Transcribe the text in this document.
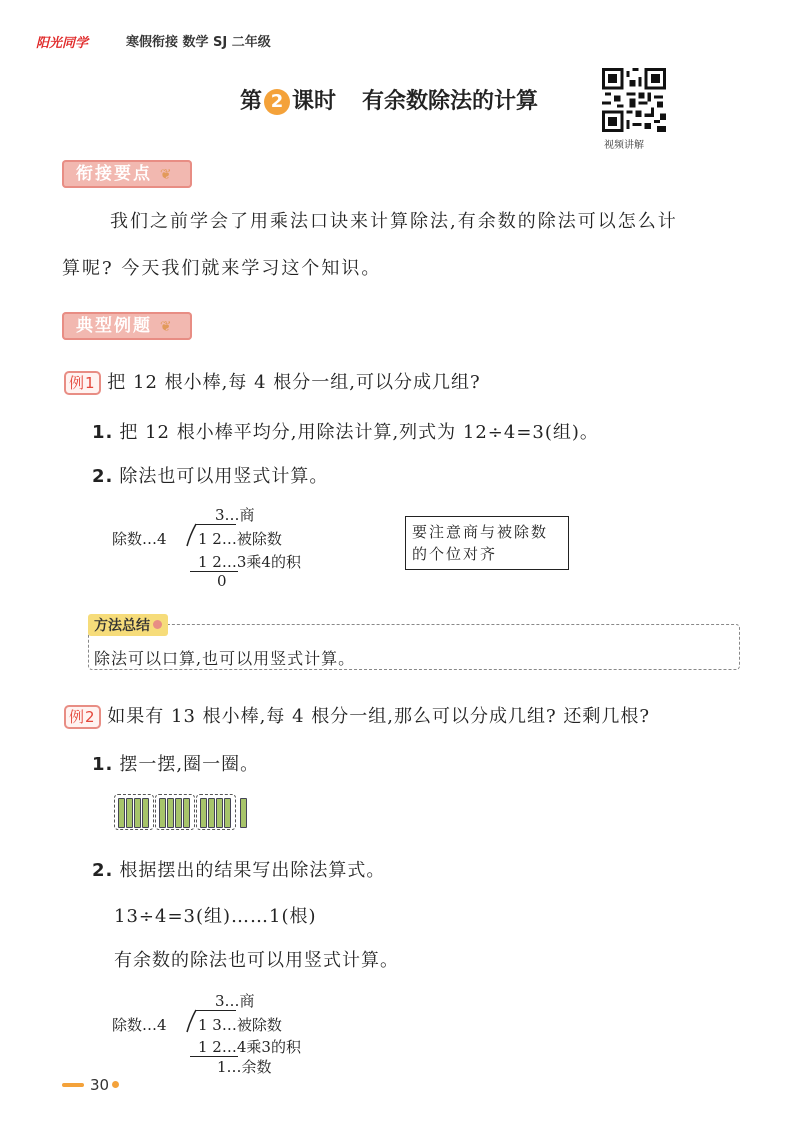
阳光同学	寒假衔接 数学 SJ 二年级
第 2 课时 有余数除法的计算
视频讲解
衔接要点 ❦
我们之前学会了用乘法口诀来计算除法,有余数的除法可以怎么计
算呢? 今天我们就来学习这个知识。
典型例题 ❦
例1 把 12 根小棒,每 4 根分一组,可以分成几组?
1. 把 12 根小棒平均分,用除法计算,列式为 12÷4=3(组)。
2. 除法也可以用竖式计算。
3…商
除数…4 1 2…被除数
1 2…3乘4的积
0
要注意商与被除数的个位对齐
方法总结
除法可以口算,也可以用竖式计算。
例2 如果有 13 根小棒,每 4 根分一组,那么可以分成几组? 还剩几根?
1. 摆一摆,圈一圈。
2. 根据摆出的结果写出除法算式。
13÷4=3(组)……1(根)
有余数的除法也可以用竖式计算。
3…商
除数…4 1 3…被除数
1 2…4乘3的积
1…余数
30
